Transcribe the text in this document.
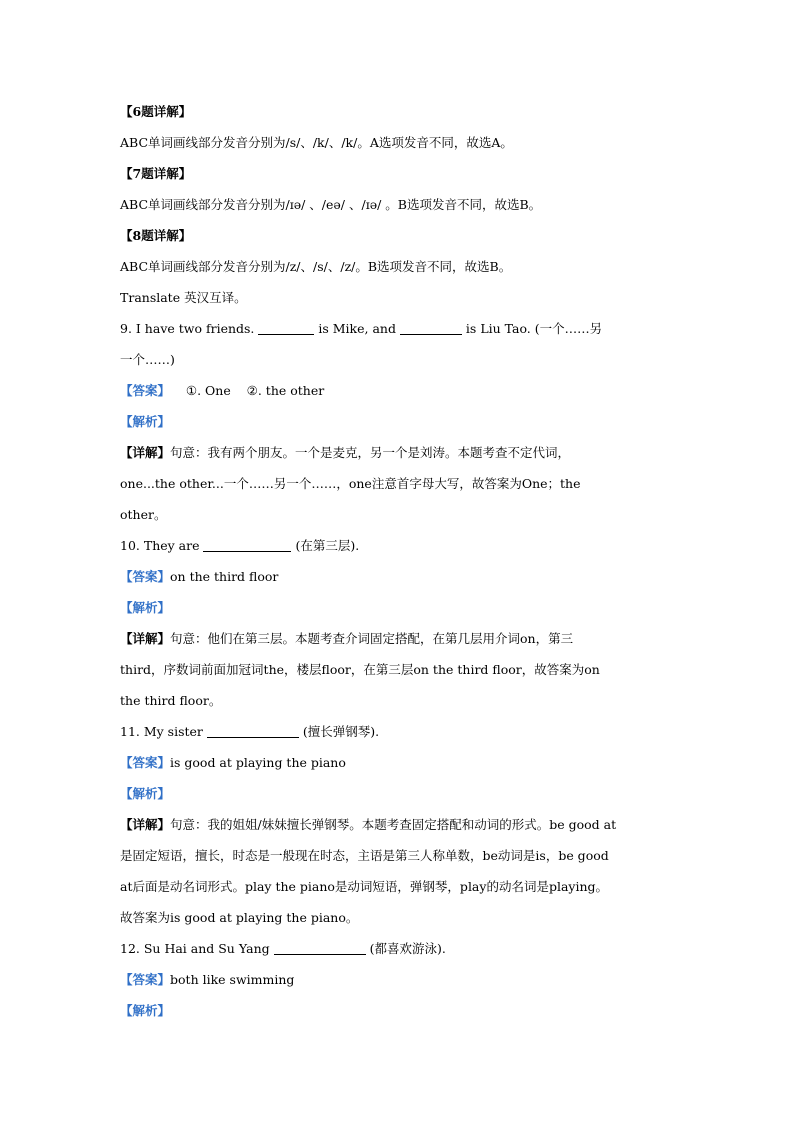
【6题详解】
ABC单词画线部分发音分别为/s/、/k/、/k/。A选项发音不同，故选A。
【7题详解】
ABC单词画线部分发音分别为/ɪə/ 、/eə/ 、/ɪə/ 。B选项发音不同，故选B。
【8题详解】
ABC单词画线部分发音分别为/z/、/s/、/z/。B选项发音不同，故选B。
Translate 英汉互译。
9. I have two friends.	is Mike, and	is Liu Tao. (一个……另
一个……)
【答案】    ①. One    ②. the other
【解析】
【详解】句意：我有两个朋友。一个是麦克，另一个是刘涛。本题考查不定代词，
one...the other...一个……另一个……，one注意首字母大写，故答案为One；the
other。
10. They are	(在第三层).
【答案】on the third floor
【解析】
【详解】句意：他们在第三层。本题考查介词固定搭配，在第几层用介词on，第三
third，序数词前面加冠词the，楼层floor，在第三层on the third floor，故答案为on
the third floor。
11. My sister	(擅长弹钢琴).
【答案】is good at playing the piano
【解析】
【详解】句意：我的姐姐/妹妹擅长弹钢琴。本题考查固定搭配和动词的形式。be good at
是固定短语，擅长，时态是一般现在时态，主语是第三人称单数，be动词是is，be good
at后面是动名词形式。play the piano是动词短语，弹钢琴，play的动名词是playing。
故答案为is good at playing the piano。
12. Su Hai and Su Yang	(都喜欢游泳).
【答案】both like swimming
【解析】
